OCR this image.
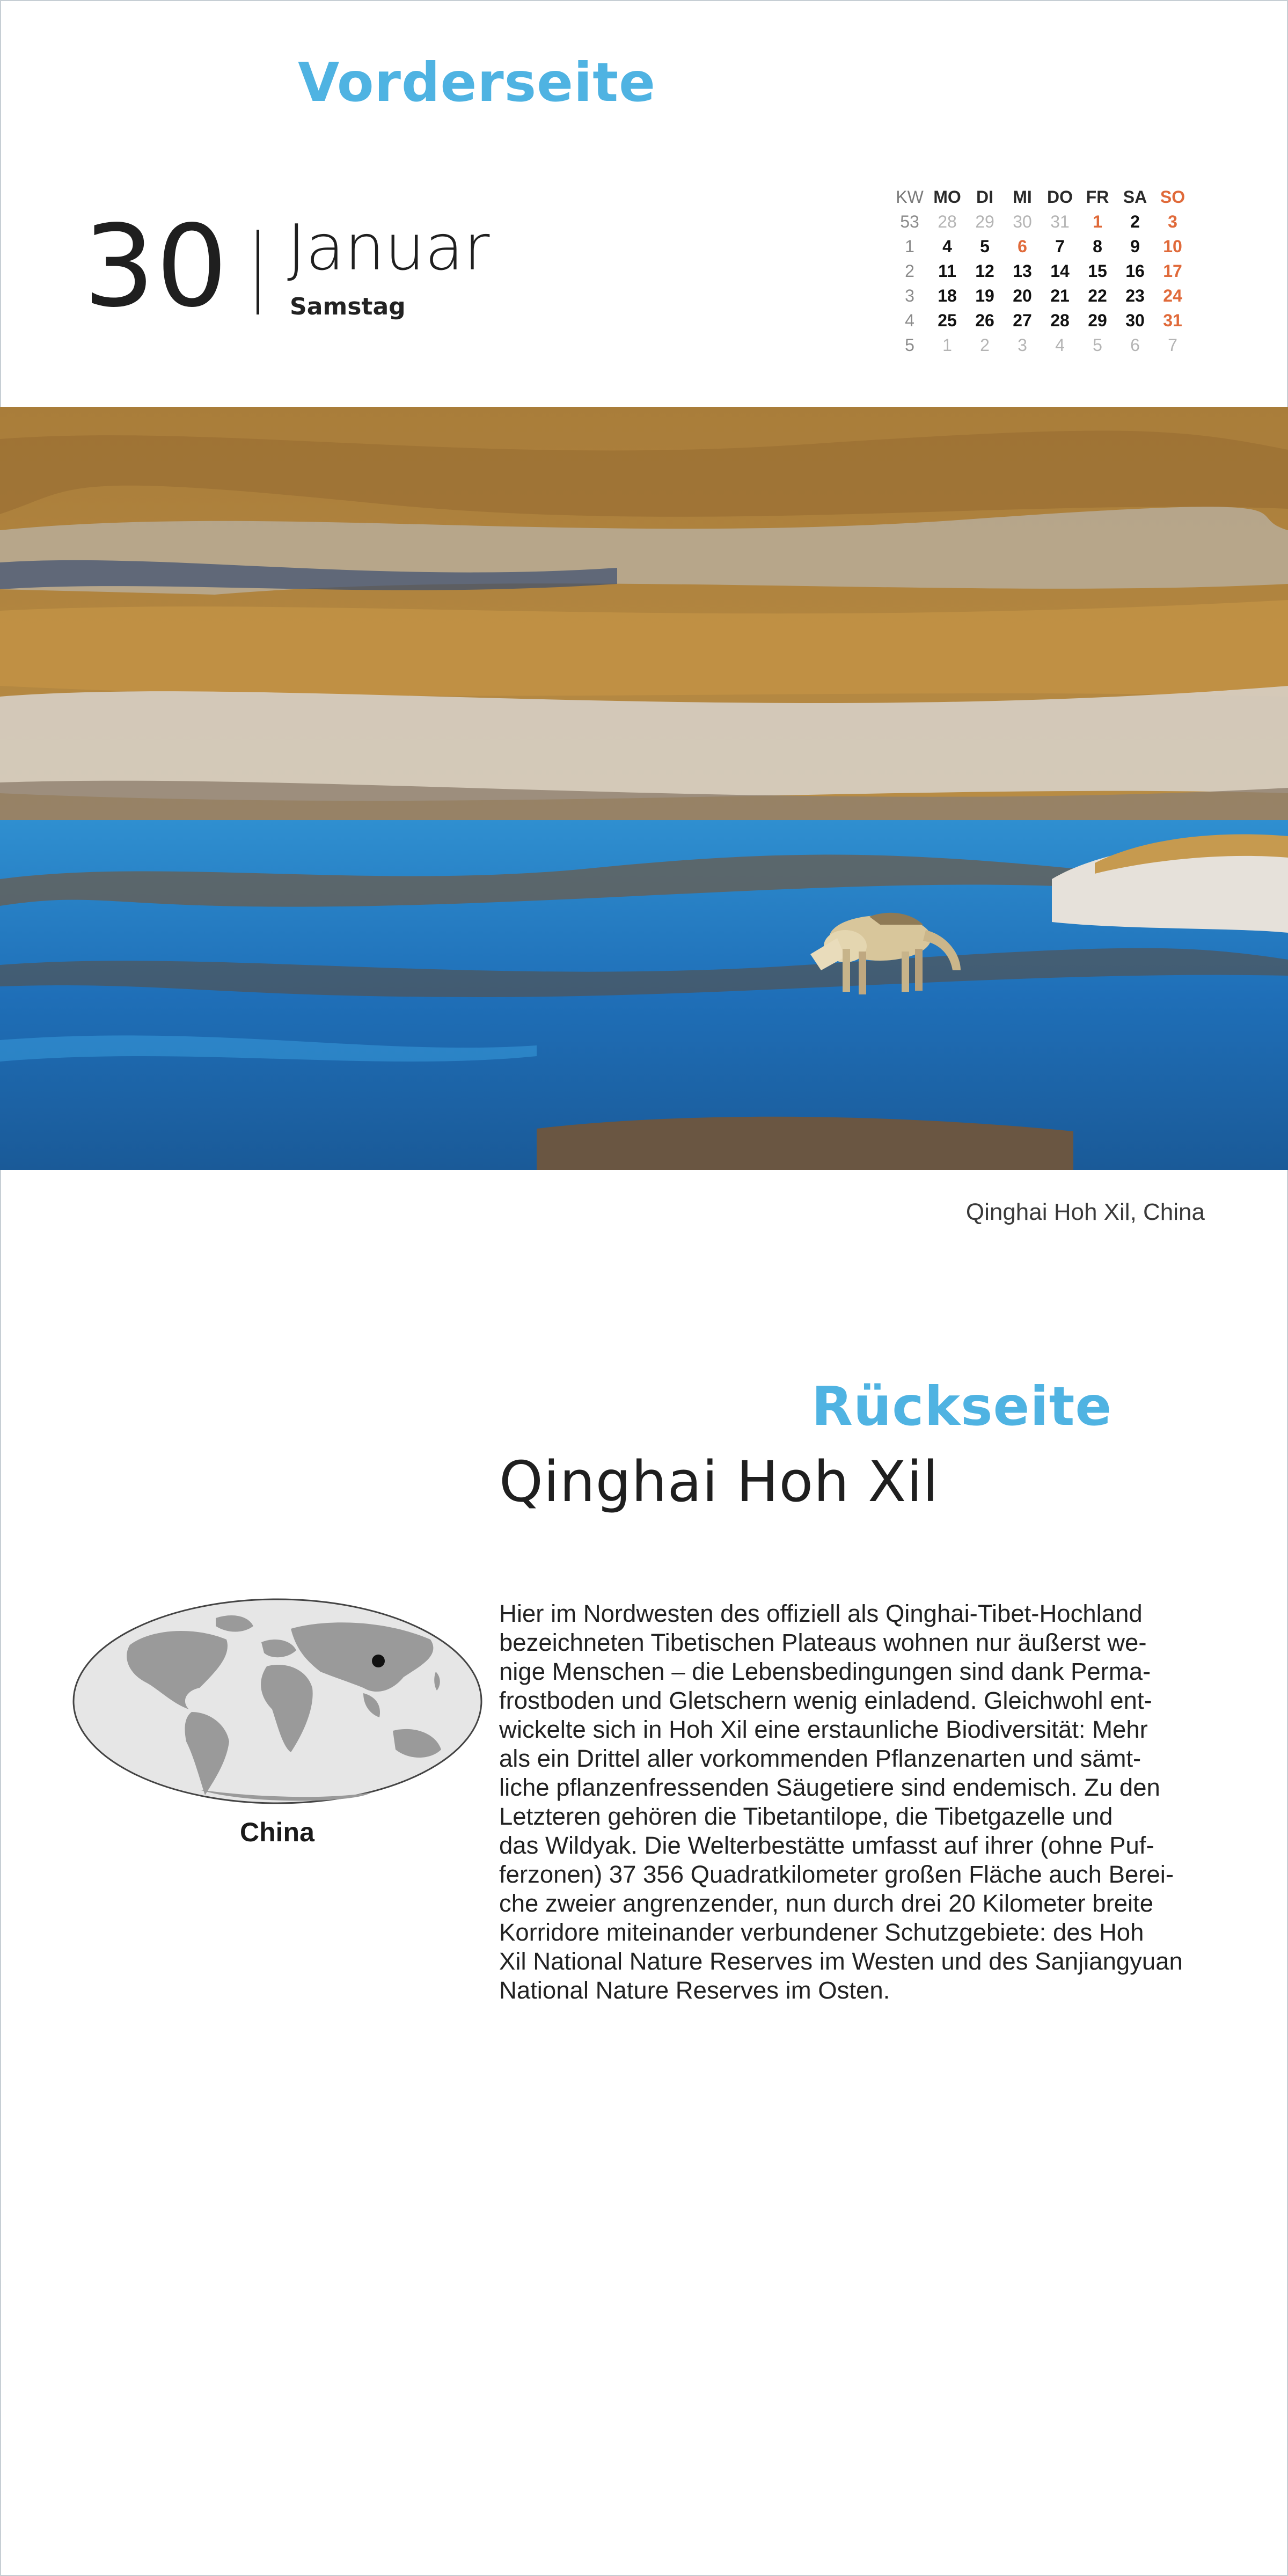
Vorderseite
30 Januar
Samstag
KW	MO	DI	MI	DO	FR	SA	SO
53	28	29	30	31	1	2	3
1	4	5	6	7	8	9	10
2	11	12	13	14	15	16	17
3	18	19	20	21	22	23	24
4	25	26	27	28	29	30	31
5	1	2	3	4	5	6	7
Qinghai Hoh Xil, China
Rückseite
Qinghai Hoh Xil
China
Hier im Nordwesten des offiziell als Qinghai-Tibet-Hochland
bezeichneten Tibetischen Plateaus wohnen nur äußerst we-
nige Menschen – die Lebensbedingungen sind dank Perma-
frostboden und Gletschern wenig einladend. Gleichwohl ent-
wickelte sich in Hoh Xil eine erstaunliche Biodiversität: Mehr
als ein Drittel aller vorkommenden Pflanzenarten und sämt-
liche pflanzenfressenden Säugetiere sind endemisch. Zu den
Letzteren gehören die Tibetantilope, die Tibetgazelle und
das Wildyak. Die Welterbestätte umfasst auf ihrer (ohne Puf-
ferzonen) 37 356 Quadratkilometer großen Fläche auch Berei-
che zweier angrenzender, nun durch drei 20 Kilometer breite
Korridore miteinander verbundener Schutzgebiete: des Hoh
Xil National Nature Reserves im Westen und des Sanjiangyuan
National Nature Reserves im Osten.
